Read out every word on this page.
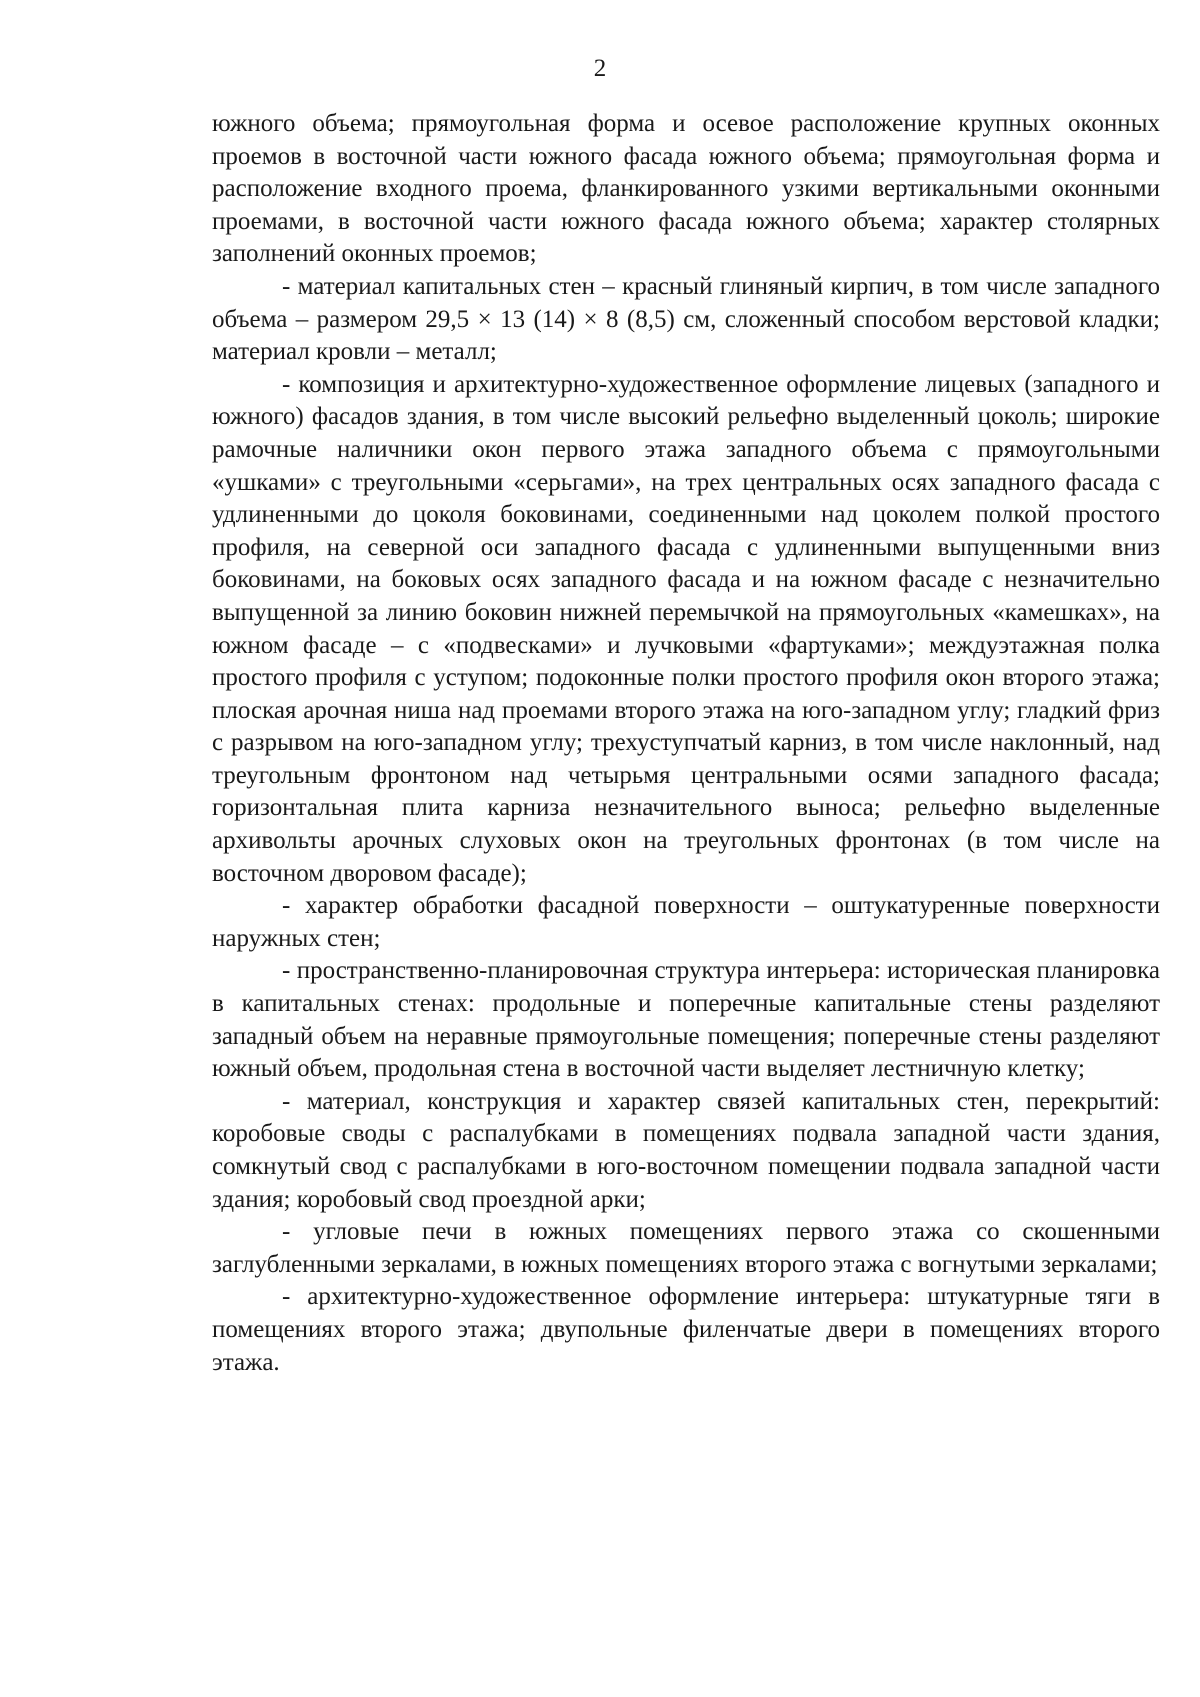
2

южного объема; прямоугольная форма и осевое расположение крупных оконных проемов в восточной части южного фасада южного объема; прямоугольная форма и расположение входного проема, фланкированного узкими вертикальными оконными проемами, в восточной части южного фасада южного объема; характер столярных заполнений оконных проемов;

- материал капитальных стен – красный глиняный кирпич, в том числе западного объема – размером 29,5 × 13 (14) × 8 (8,5) см, сложенный способом верстовой кладки; материал кровли – металл;

- композиция и архитектурно-художественное оформление лицевых (западного и южного) фасадов здания, в том числе высокий рельефно выделенный цоколь; широкие рамочные наличники окон первого этажа западного объема с прямоугольными «ушками» с треугольными «серьгами», на трех центральных осях западного фасада с удлиненными до цоколя боковинами, соединенными над цоколем полкой простого профиля, на северной оси западного фасада с удлиненными выпущенными вниз боковинами, на боковых осях западного фасада и на южном фасаде с незначительно выпущенной за линию боковин нижней перемычкой на прямоугольных «камешках», на южном фасаде – с «подвесками» и лучковыми «фартуками»; междуэтажная полка простого профиля с уступом; подоконные полки простого профиля окон второго этажа; плоская арочная ниша над проемами второго этажа на юго-западном углу; гладкий фриз с разрывом на юго-западном углу; трехуступчатый карниз, в том числе наклонный, над треугольным фронтоном над четырьмя центральными осями западного фасада; горизонтальная плита карниза незначительного выноса; рельефно выделенные архивольты арочных слуховых окон на треугольных фронтонах (в том числе на восточном дворовом фасаде);

- характер обработки фасадной поверхности – оштукатуренные поверхности наружных стен;

- пространственно-планировочная структура интерьера: историческая планировка в капитальных стенах: продольные и поперечные капитальные стены разделяют западный объем на неравные прямоугольные помещения; поперечные стены разделяют южный объем, продольная стена в восточной части выделяет лестничную клетку;

- материал, конструкция и характер связей капитальных стен, перекрытий: коробовые своды с распалубками в помещениях подвала западной части здания, сомкнутый свод с распалубками в юго-восточном помещении подвала западной части здания; коробовый свод проездной арки;

- угловые печи в южных помещениях первого этажа со скошенными заглубленными зеркалами, в южных помещениях второго этажа с вогнутыми зеркалами;

- архитектурно-художественное оформление интерьера: штукатурные тяги в помещениях второго этажа; двупольные филенчатые двери в помещениях второго этажа.
